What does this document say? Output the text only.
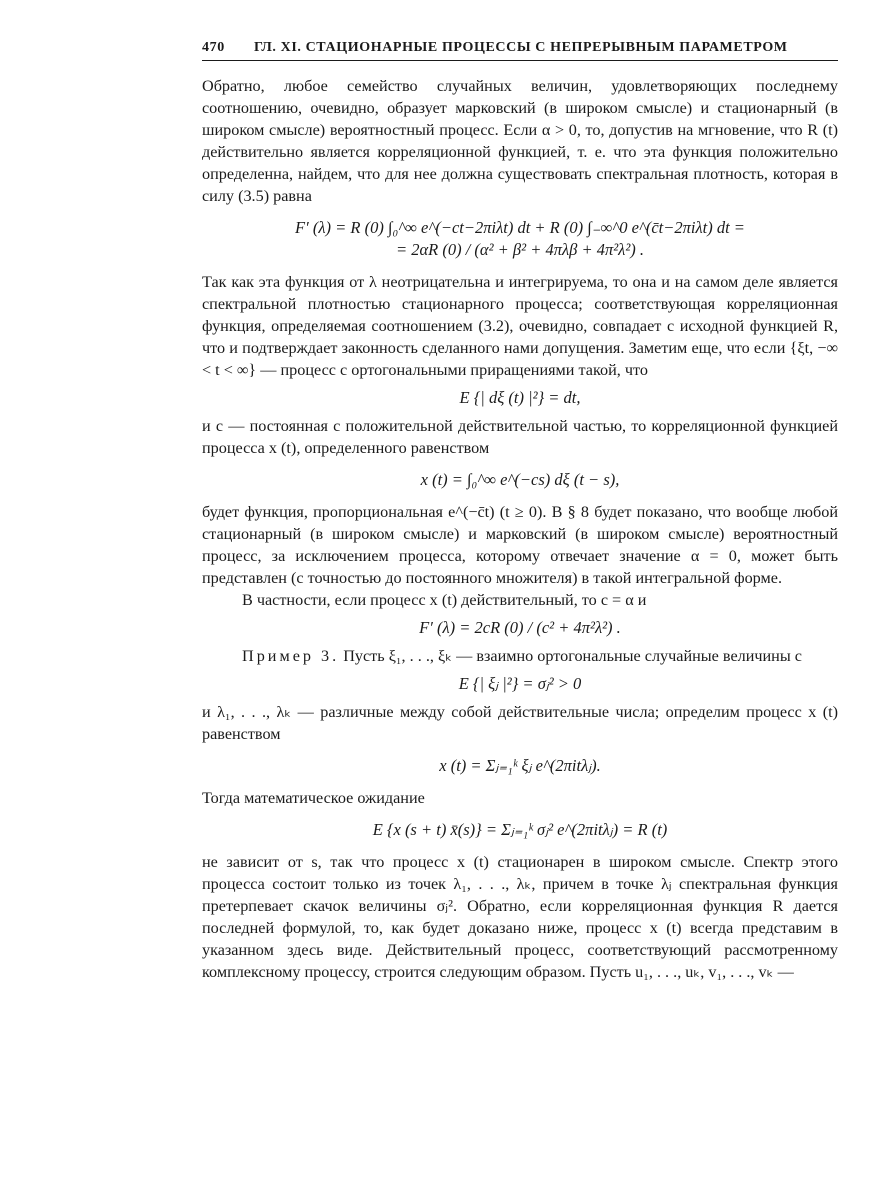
470	ГЛ. XI. СТАЦИОНАРНЫЕ ПРОЦЕССЫ С НЕПРЕРЫВНЫМ ПАРАМЕТРОМ

Обратно, любое семейство случайных величин, удовлетворяющих последнему соотношению, очевидно, образует марковский (в широком смысле) и стационарный (в широком смысле) вероятностный процесс. Если α > 0, то, допустив на мгновение, что R (t) действительно является корреляционной функцией, т. е. что эта функция положительно определенна, найдем, что для нее должна существовать спектральная плотность, которая в силу (3.5) равна

F′ (λ) = R (0) ∫₀^∞ e^(−ct−2πiλt) dt + R (0) ∫₋∞^0 e^(c̄t−2πiλt) dt =
= 2αR (0) / (α² + β² + 4πλβ + 4π²λ²) .

Так как эта функция от λ неотрицательна и интегрируема, то она и на самом деле является спектральной плотностью стационарного процесса; соответствующая корреляционная функция, определяемая соотношением (3.2), очевидно, совпадает с исходной функцией R, что и подтверждает законность сделанного нами допущения. Заметим еще, что если {ξt, −∞ < t < ∞} — процесс с ортогональными приращениями такой, что

E {| dξ (t) |²} = dt,

и c — постоянная с положительной действительной частью, то корреляционной функцией процесса x (t), определенного равенством

x (t) = ∫₀^∞ e^(−cs) dξ (t − s),

будет функция, пропорциональная e^(−c̄t) (t ≥ 0). В § 8 будет показано, что вообще любой стационарный (в широком смысле) и марковский (в широком смысле) вероятностный процесс, за исключением процесса, которому отвечает значение α = 0, может быть представлен (с точностью до постоянного множителя) в такой интегральной форме.

В частности, если процесс x (t) действительный, то c = α и

F′ (λ) = 2cR (0) / (c² + 4π²λ²) .

Пример 3. Пусть ξ₁, . . ., ξₖ — взаимно ортогональные случайные величины с

E {| ξⱼ |²} = σⱼ² > 0

и λ₁, . . ., λₖ — различные между собой действительные числа; определим процесс x (t) равенством

x (t) = Σⱼ₌₁ᵏ ξⱼ e^(2πitλⱼ).

Тогда математическое ожидание

E {x (s + t) x̄(s)} = Σⱼ₌₁ᵏ σⱼ² e^(2πitλⱼ) = R (t)

не зависит от s, так что процесс x (t) стационарен в широком смысле. Спектр этого процесса состоит только из точек λ₁, . . ., λₖ, причем в точке λⱼ спектральная функция претерпевает скачок величины σⱼ². Обратно, если корреляционная функция R дается последней формулой, то, как будет доказано ниже, процесс x (t) всегда представим в указанном здесь виде. Действительный процесс, соответствующий рассмотренному комплексному процессу, строится следующим образом. Пусть u₁, . . ., uₖ, v₁, . . ., vₖ —
